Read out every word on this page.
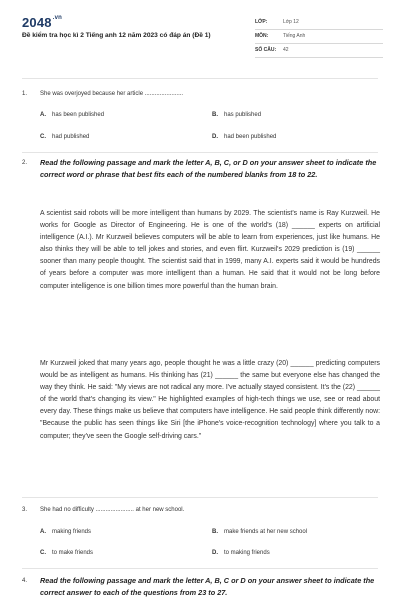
$2048^{.vn}$
Đề kiểm tra học kì 2 Tiếng anh 12 năm 2023 có đáp án (Đề 1)
LỚP:	Lớp 12
MÔN:	Tiếng Anh
SỐ CÂU: 42
1. She was overjoyed because her article .......................
A. has been published	B. has published
C. had published	D. had been published
2. Read the following passage and mark the letter A, B, C, or D on your answer sheet to indicate the correct word or phrase that best fits each of the numbered blanks from 18 to 22.
A scientist said robots will be more intelligent than humans by 2029. The scientist's name is Ray Kurzweil. He works for Google as Director of Engineering. He is one of the world's (18) ______ experts on artificial intelligence (A.I.). Mr Kurzweil believes computers will be able to learn from experiences, just like humans. He also thinks they will be able to tell jokes and stories, and even flirt. Kurzweil's 2029 prediction is (19) ______ sooner than many people thought. The scientist said that in 1999, many A.I. experts said it would be hundreds of years before a computer was more intelligent than a human. He said that it would not be long before computer intelligence is one billion times more powerful than the human brain.
Mr Kurzweil joked that many years ago, people thought he was a little crazy (20) ______ predicting computers would be as intelligent as humans. His thinking has (21) ______ the same but everyone else has changed the way they think. He said: "My views are not radical any more. I've actually stayed consistent. It's the (22) ______ of the world that's changing its view." He highlighted examples of high-tech things we use, see or read about every day. These things make us believe that computers have intelligence. He said people think differently now: "Because the public has seen things like Siri [the iPhone's voice-recognition technology] where you talk to a computer; they've seen the Google self-driving cars."
3. She had no difficulty ....................... at her new school.
A. making friends	B. make friends at her new school
C. to make friends	D. to making friends
4. Read the following passage and mark the letter A, B, C or D on your answer sheet to indicate the correct answer to each of the questions from 23 to 27.
